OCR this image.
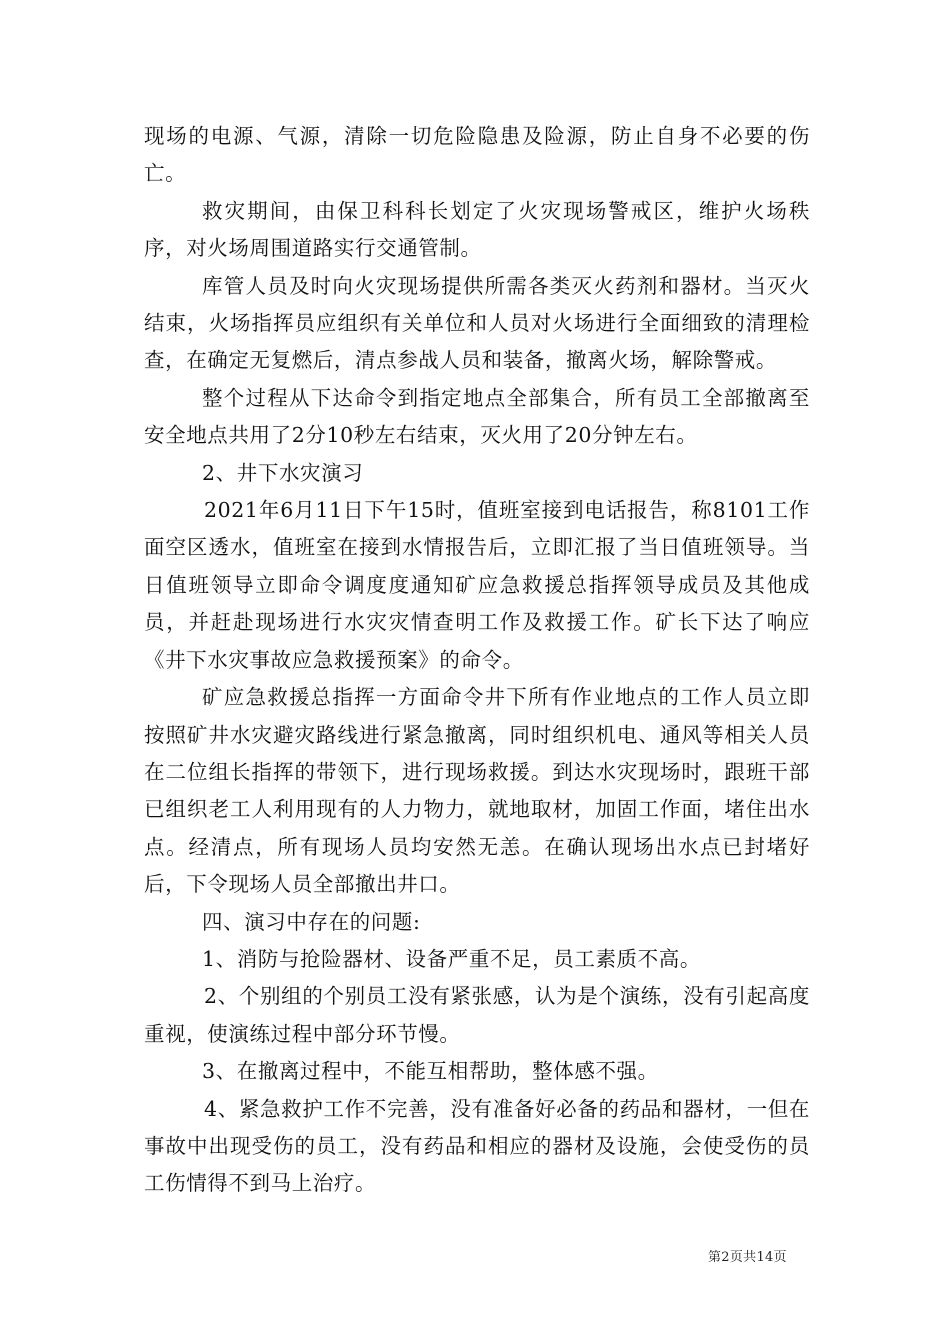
现场的电源、气源，清除一切危险隐患及险源，防止自身不必要的伤亡。

救灾期间，由保卫科科长划定了火灾现场警戒区，维护火场秩序，对火场周围道路实行交通管制。

库管人员及时向火灾现场提供所需各类灭火药剂和器材。当灭火结束，火场指挥员应组织有关单位和人员对火场进行全面细致的清理检查，在确定无复燃后，清点参战人员和装备，撤离火场，解除警戒。

整个过程从下达命令到指定地点全部集合，所有员工全部撤离至安全地点共用了2分10秒左右结束，灭火用了20分钟左右。

2、井下水灾演习

2021年6月11日下午15时，值班室接到电话报告，称8101工作面空区透水，值班室在接到水情报告后，立即汇报了当日值班领导。当日值班领导立即命令调度度通知矿应急救援总指挥领导成员及其他成员，并赶赴现场进行水灾灾情查明工作及救援工作。矿长下达了响应《井下水灾事故应急救援预案》的命令。

矿应急救援总指挥一方面命令井下所有作业地点的工作人员立即按照矿井水灾避灾路线进行紧急撤离，同时组织机电、通风等相关人员在二位组长指挥的带领下，进行现场救援。到达水灾现场时，跟班干部已组织老工人利用现有的人力物力，就地取材，加固工作面，堵住出水点。经清点，所有现场人员均安然无恙。在确认现场出水点已封堵好后，下令现场人员全部撤出井口。

四、演习中存在的问题:

1、消防与抢险器材、设备严重不足，员工素质不高。

2、个别组的个别员工没有紧张感，认为是个演练，没有引起高度重视，使演练过程中部分环节慢。

3、在撤离过程中，不能互相帮助，整体感不强。

4、紧急救护工作不完善，没有准备好必备的药品和器材，一但在事故中出现受伤的员工，没有药品和相应的器材及设施，会使受伤的员工伤情得不到马上治疗。

第2页共14页
